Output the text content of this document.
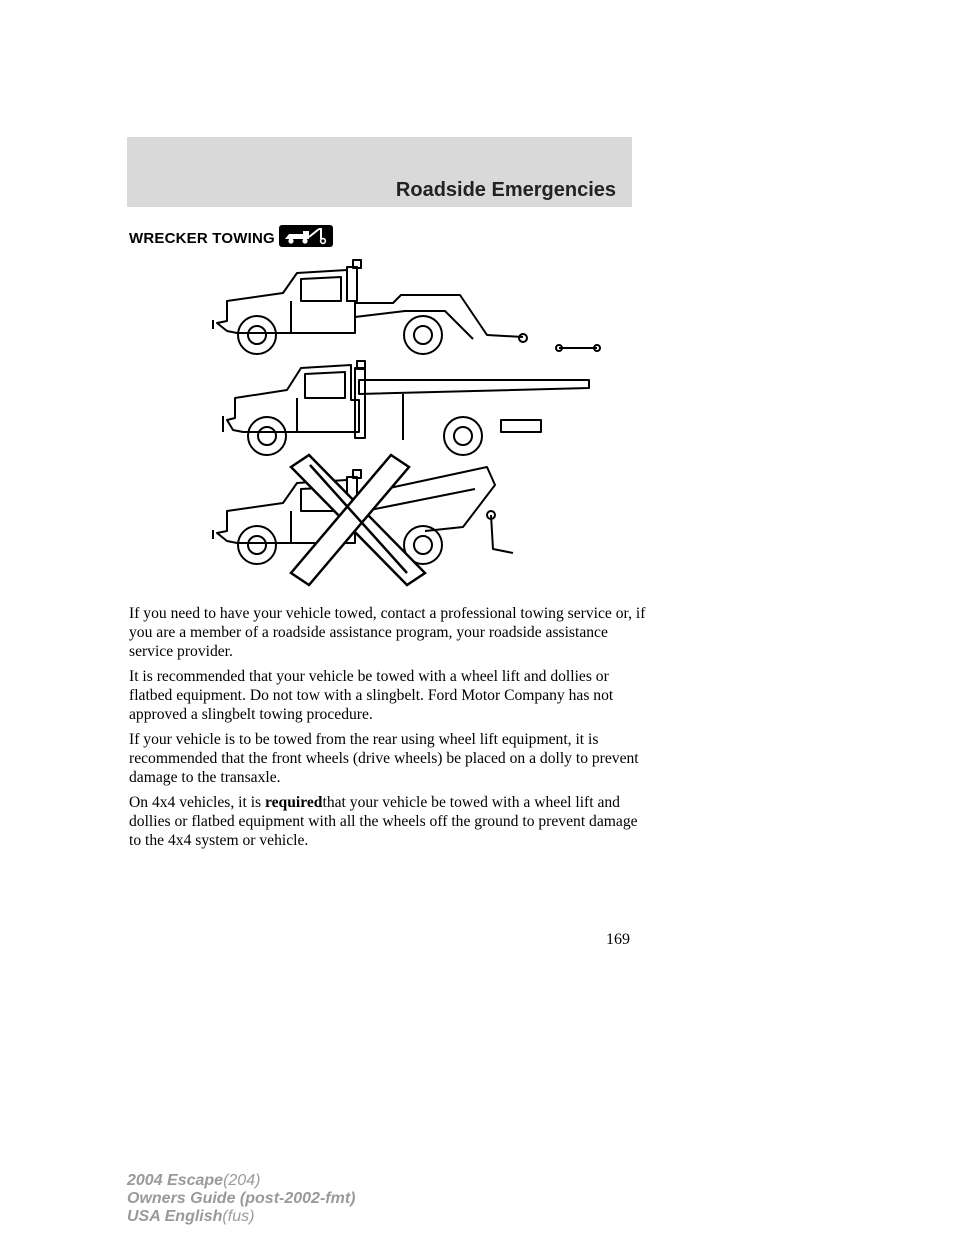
Roadside Emergencies
WRECKER TOWING

If you need to have your vehicle towed, contact a professional towing service or, if you are a member of a roadside assistance program, your roadside assistance service provider.

It is recommended that your vehicle be towed with a wheel lift and dollies or flatbed equipment. Do not tow with a slingbelt. Ford Motor Company has not approved a slingbelt towing procedure.

If your vehicle is to be towed from the rear using wheel lift equipment, it is recommended that the front wheels (drive wheels) be placed on a dolly to prevent damage to the transaxle.

On 4x4 vehicles, it is requiredthat your vehicle be towed with a wheel lift and dollies or flatbed equipment with all the wheels off the ground to prevent damage to the 4x4 system or vehicle.

169
2004 Escape(204)
Owners Guide (post-2002-fmt)
USA English(fus)
